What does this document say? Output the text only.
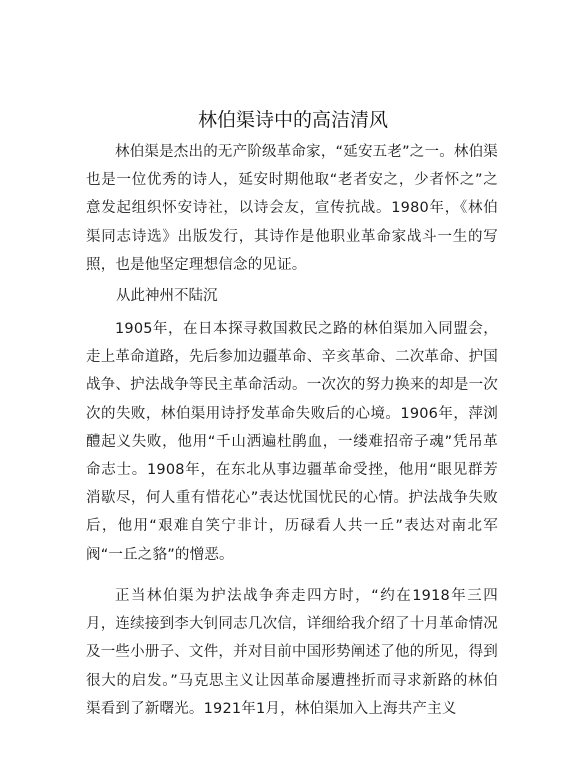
林伯渠诗中的高洁清风
林伯渠是杰出的无产阶级革命家，“延安五老”之一。林伯渠也是一位优秀的诗人，延安时期他取“老者安之，少者怀之”之意发起组织怀安诗社，以诗会友，宣传抗战。1980年，《林伯渠同志诗选》出版发行，其诗作是他职业革命家战斗一生的写照，也是他坚定理想信念的见证。
从此神州不陆沉
1905年，在日本探寻救国救民之路的林伯渠加入同盟会，走上革命道路，先后参加边疆革命、辛亥革命、二次革命、护国战争、护法战争等民主革命活动。一次次的努力换来的却是一次次的失败，林伯渠用诗抒发革命失败后的心境。1906年，萍浏醴起义失败，他用“千山洒遍杜鹃血，一缕难招帝子魂”凭吊革命志士。1908年，在东北从事边疆革命受挫，他用“眼见群芳消歇尽，何人重有惜花心”表达忧国忧民的心情。护法战争失败后，他用“艰难自笑宁非计，历碌看人共一丘”表达对南北军阀“一丘之貉”的憎恶。
正当林伯渠为护法战争奔走四方时，“约在1918年三四月，连续接到李大钊同志几次信，详细给我介绍了十月革命情况及一些小册子、文件，并对目前中国形势阐述了他的所见，得到很大的启发。”马克思主义让因革命屡遭挫折而寻求新路的林伯渠看到了新曙光。1921年1月，林伯渠加入上海共产主义
